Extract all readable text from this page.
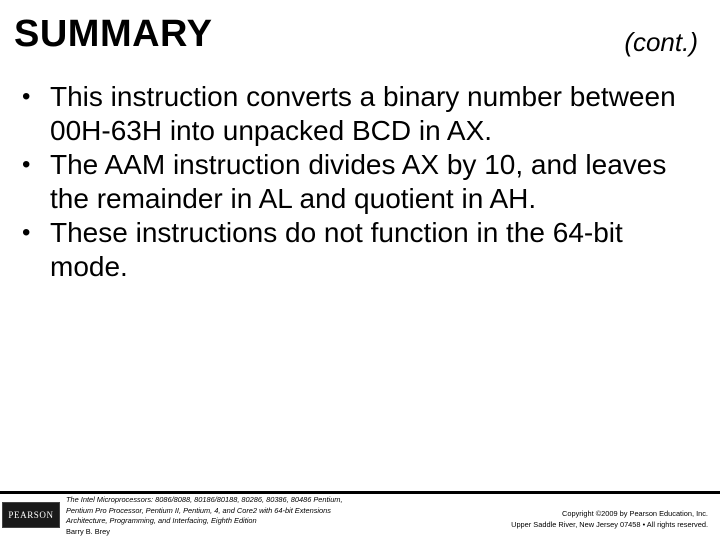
SUMMARY	(cont.)
• This instruction converts a binary number between 00H-63H into unpacked BCD in AX.
• The AAM instruction divides AX by 10, and leaves the remainder in AL and quotient in AH.
• These instructions do not function in the 64-bit mode.
PEARSON
The Intel Microprocessors: 8086/8088, 80186/80188, 80286, 80386, 80486 Pentium,
Pentium Pro Processor, Pentium II, Pentium, 4, and Core2 with 64-bit Extensions
Architecture, Programming, and Interfacing, Eighth Edition
Barry B. Brey
Copyright ©2009 by Pearson Education, Inc.
Upper Saddle River, New Jersey 07458 • All rights reserved.
